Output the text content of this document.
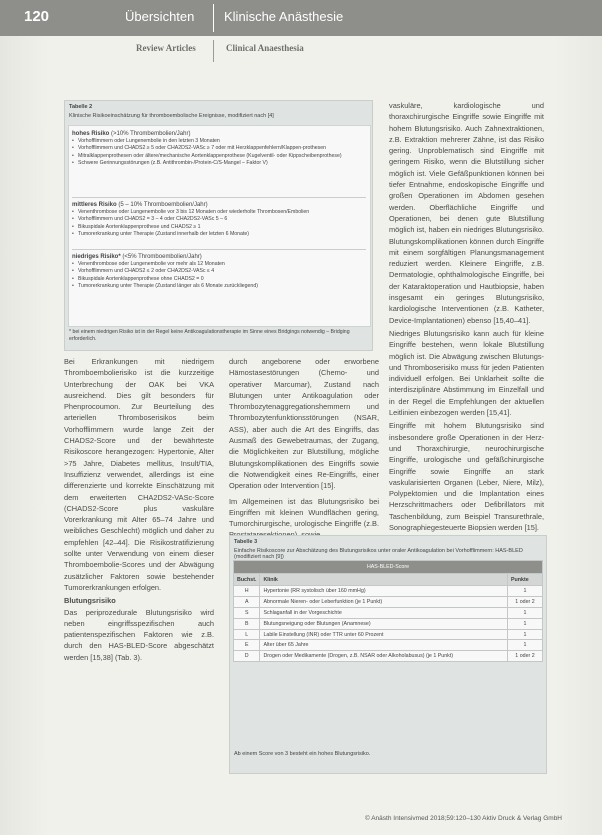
120	Übersichten Klinische Anästhesie
Review Articles	Clinical Anaesthesia
Tabelle 2
Klinische Risikoeinschätzung für thromboembolische Ereignisse, modifiziert nach [4]
hohes Risiko (>10% Thrombembolien/Jahr)
• Vorhofflimmern oder Lungenembolie in den letzten 3 Monaten
• Vorhofflimmern und CHADS2 ≥ 5 oder CHA2DS2-VASc ≥ 7 oder mit Herzklappenfehlern/Klappen-prothesen
• Mitralklappenprothesen oder ältere/mechanische Aortenklappenprothese (Kugelventil- oder Kippscheibenprothese)
• Schwere Gerinnungsstörungen (z.B. Antithrombin-/Protein-C/S-Mangel – Faktor V)
mittleres Risiko (5 – 10% Thromboembolien/Jahr)
• Venenthrombose oder Lungenembolie vor 3 bis 12 Monaten oder wiederholte Thrombosen/Embolien
• Vorhofflimmern und CHADS2 = 3 – 4 oder CHA2DS2-VASc 5 – 6
• Bikuspidale Aortenklappenprothese und CHADS2 ≥ 1
• Tumorerkrankung unter Therapie (Zustand innerhalb der letzten 6 Monate)
niedriges Risiko* (<5% Thromboembolien/Jahr)
• Venenthrombose oder Lungenembolie vor mehr als 12 Monaten
• Vorhofflimmern und CHADS2 ≤ 2 oder CHA2DS2-VASc ≤ 4
• Bikuspidale Aortenklappenprothese ohne CHADS2 = 0
• Tumorerkrankung unter Therapie (Zustand länger als 6 Monate zurückliegend)
* bei einem niedrigen Risiko ist in der Regel keine Antikoagulationstherapie im Sinne eines Bridgings notwendig – Bridging erforderlich.

Bei Erkrankungen mit niedrigem Thromboembolierisiko ist die kurzzeitige Unterbrechung der OAK bei VKA ausreichend. Dies gilt besonders für Phenprocoumon. Zur Beurteilung des arteriellen Thromboserisikos beim Vorhofflimmern wurde lange Zeit der CHADS2-Score und der bewährteste Risikoscore herangezogen: Hypertonie, Alter >75 Jahre, Diabetes mellitus, Insult/TIA, Insuffizienz verwendet, allerdings ist eine differenzierte und korrekte Einschätzung mit dem erweiterten CHA2DS2-VASc-Score (CHADS2-Score plus vaskuläre Vorerkrankung mit Alter 65–74 Jahre und weibliches Geschlecht) möglich und daher zu empfehlen [42–44]. Die Risikostratifizierung sollte unter Verwendung von einem dieser Thromboembolie-Scores und der Abwägung zusätzlicher Faktoren sowie bestehender Tumorerkrankungen erfolgen.

Blutungsrisiko

Das periprozedurale Blutungsrisiko wird neben eingriffsspezifischen auch patientenspezifischen Faktoren wie z.B. durch den HAS-BLED-Score abgeschätzt werden [15,38] (Tab. 3).

durch angeborene oder erworbene Hämostasestörungen (Chemo- und operativer Marcumar), Zustand nach Blutungen unter Antikoagulation oder Thrombozytenaggregationshemmern und Thrombozytenfunktionsstörungen (NSAR, ASS), aber auch die Art des Eingriffs, das Ausmaß des Gewebetraumas, der Zugang, die Möglichkeiten zur Blutstillung, mögliche Blutungskomplikationen des Eingriffs sowie die Notwendigkeit eines Re-Eingriffs, einer Operation oder Intervention [15].

Im Allgemeinen ist das Blutungsrisiko bei Eingriffen mit kleinen Wundflächen gering, Tumorchirurgische, urologische Eingriffe (z.B.

vaskuläre, kardiologische und thoraxchirurgische Eingriffe sowie Eingriffe mit hohem Blutungsrisiko. Auch Zahnextraktionen, z.B. Extraktion mehrerer Zähne, ist das Risiko gering. Unproblematisch sind Eingriffe mit geringem Risiko, wenn die Blutstillung sicher möglich ist. Viele Gefäßpunktionen können bei tiefer Entnahme, endoskopische Eingriffe und großen Operationen im Abdomen gesehen werden. Oberflächliche Eingriffe und Operationen, bei denen gute Blutstillung möglich ist, haben ein niedriges Blutungsrisiko. Blutungskomplikationen können durch Eingriffe mit einem sorgfältigen Planungsmanagement reduziert werden. Kleinere Eingriffe, z.B. Dermatologie, ophthalmologische Eingriffe, bei der Kataraktoperation und Hautbiopsie, haben insgesamt ein geringes Blutungsrisiko, kardiologische Interventionen (z.B. Katheter, Device-Implantationen) ebenso [15,40–41].

Niedriges Blutungsrisiko kann auch für kleine Eingriffe bestehen, wenn lokale Blutstillung möglich ist. Die Abwägung zwischen Blutungs- und Thromboserisiko muss für jeden Patienten individuell erfolgen. Bei Unklarheit sollte die interdisziplinäre Abstimmung im Einzelfall und in der Regel die Empfehlungen der aktuellen Leitlinien einbezogen werden [15,41].

Eingriffe mit hohem Blutungsrisiko sind insbesondere große Operationen in der Herz- und Thoraxchirurgie, neurochirurgische Eingriffe, urologische und gefäßchirurgische Eingriffe sowie Eingriffe an stark vaskularisierten Organen (Leber, Niere, Milz), Polypektomien und die Implantation eines Herzschrittmachers oder Defibrillators mit Taschenbildung, zum Beispiel Transurethrale, Sonographiegesteuerte Biopsien werden [15].

Tabelle 3
Einfache Risikoscore zur Abschätzung des Blutungsrisikos unter oraler Antikoagulation bei Vorhofflimmern: HAS-BLED (modifiziert nach [9])
HAS-BLED-Score		
Buchst.	Klinik	Punkte
H	Hypertonie (RR systolisch über 160 mmHg)	1
A	Abnormale Nieren- oder Leberfunktion (je 1 Punkt)	1 oder 2
S	Schlaganfall in der Vorgeschichte	1
B	Blutungsneigung oder Blutungen (Anamnese)	1
L	Labile Einstellung (INR) oder TTR unter 60 Prozent	1
E	Alter über 65 Jahre	1
D	Drogen oder Medikamente (Drogen, z.B. NSAR oder Alkoholabusus) (je 1 Punkt)	1 oder 2
Ab einem Score von 3 besteht ein hohes Blutungsrisiko.
© Anästh Intensivmed 2018;59:120–130 Aktiv Druck & Verlag GmbH
